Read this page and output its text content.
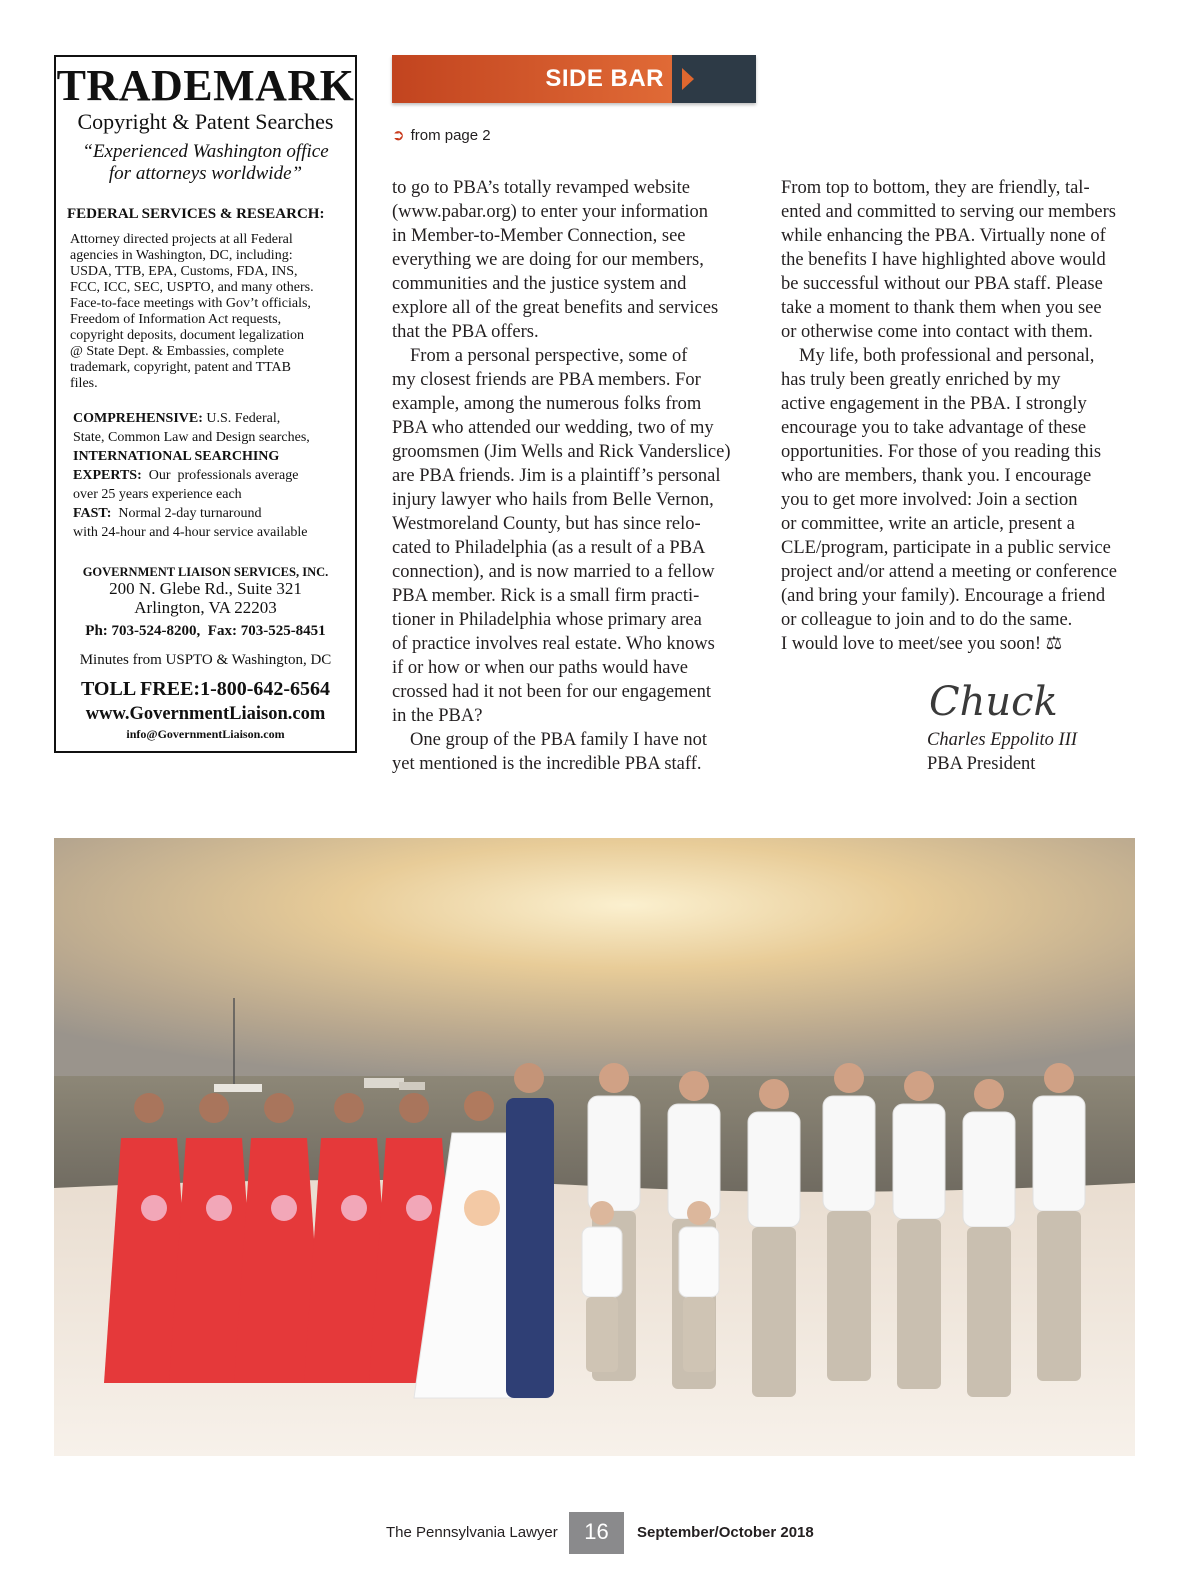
TRADEMARK
Copyright & Patent Searches
“Experienced Washington office
for attorneys worldwide”
FEDERAL SERVICES & RESEARCH:
Attorney directed projects at all Federal
agencies in Washington, DC, including:
USDA, TTB, EPA, Customs, FDA, INS,
FCC, ICC, SEC, USPTO, and many others.
Face-to-face meetings with Gov’t officials,
Freedom of Information Act requests,
copyright deposits, document legalization
@ State Dept. & Embassies, complete
trademark, copyright, patent and TTAB
files.
COMPREHENSIVE: U.S. Federal,
State, Common Law and Design searches,
INTERNATIONAL SEARCHING
EXPERTS:  Our  professionals average
over 25 years experience each
FAST:  Normal 2-day turnaround
with 24-hour and 4-hour service available
GOVERNMENT LIAISON SERVICES, INC.
200 N. Glebe Rd., Suite 321
Arlington, VA 22203
Ph: 703-524-8200,  Fax: 703-525-8451
Minutes from USPTO & Washington, DC
TOLL FREE:1-800-642-6564
www.GovernmentLiaison.com
info@GovernmentLiaison.com
SIDE BAR
➲ from page 2
to go to PBA’s totally revamped website
(www.pabar.org) to enter your information
in Member-to-Member Connection, see
everything we are doing for our members,
communities and the justice system and
explore all of the great benefits and services
that the PBA offers.
From a personal perspective, some of
my closest friends are PBA members. For
example, among the numerous folks from
PBA who attended our wedding, two of my
groomsmen (Jim Wells and Rick Vanderslice)
are PBA friends. Jim is a plaintiff’s personal
injury lawyer who hails from Belle Vernon,
Westmoreland County, but has since relo-
cated to Philadelphia (as a result of a PBA
connection), and is now married to a fellow
PBA member. Rick is a small firm practi-
tioner in Philadelphia whose primary area
of practice involves real estate. Who knows
if or how or when our paths would have
crossed had it not been for our engagement
in the PBA?
One group of the PBA family I have not
yet mentioned is the incredible PBA staff.
From top to bottom, they are friendly, tal-
ented and committed to serving our members
while enhancing the PBA. Virtually none of
the benefits I have highlighted above would
be successful without our PBA staff. Please
take a moment to thank them when you see
or otherwise come into contact with them.
My life, both professional and personal,
has truly been greatly enriched by my
active engagement in the PBA. I strongly
encourage you to take advantage of these
opportunities. For those of you reading this
who are members, thank you. I encourage
you to get more involved: Join a section
or committee, write an article, present a
CLE/program, participate in a public service
project and/or attend a meeting or conference
(and bring your family). Encourage a friend
or colleague to join and to do the same.
I would love to meet/see you soon! ⚖
Chuck
Charles Eppolito III
PBA President
The Pennsylvania Lawyer	16	September/October 2018
